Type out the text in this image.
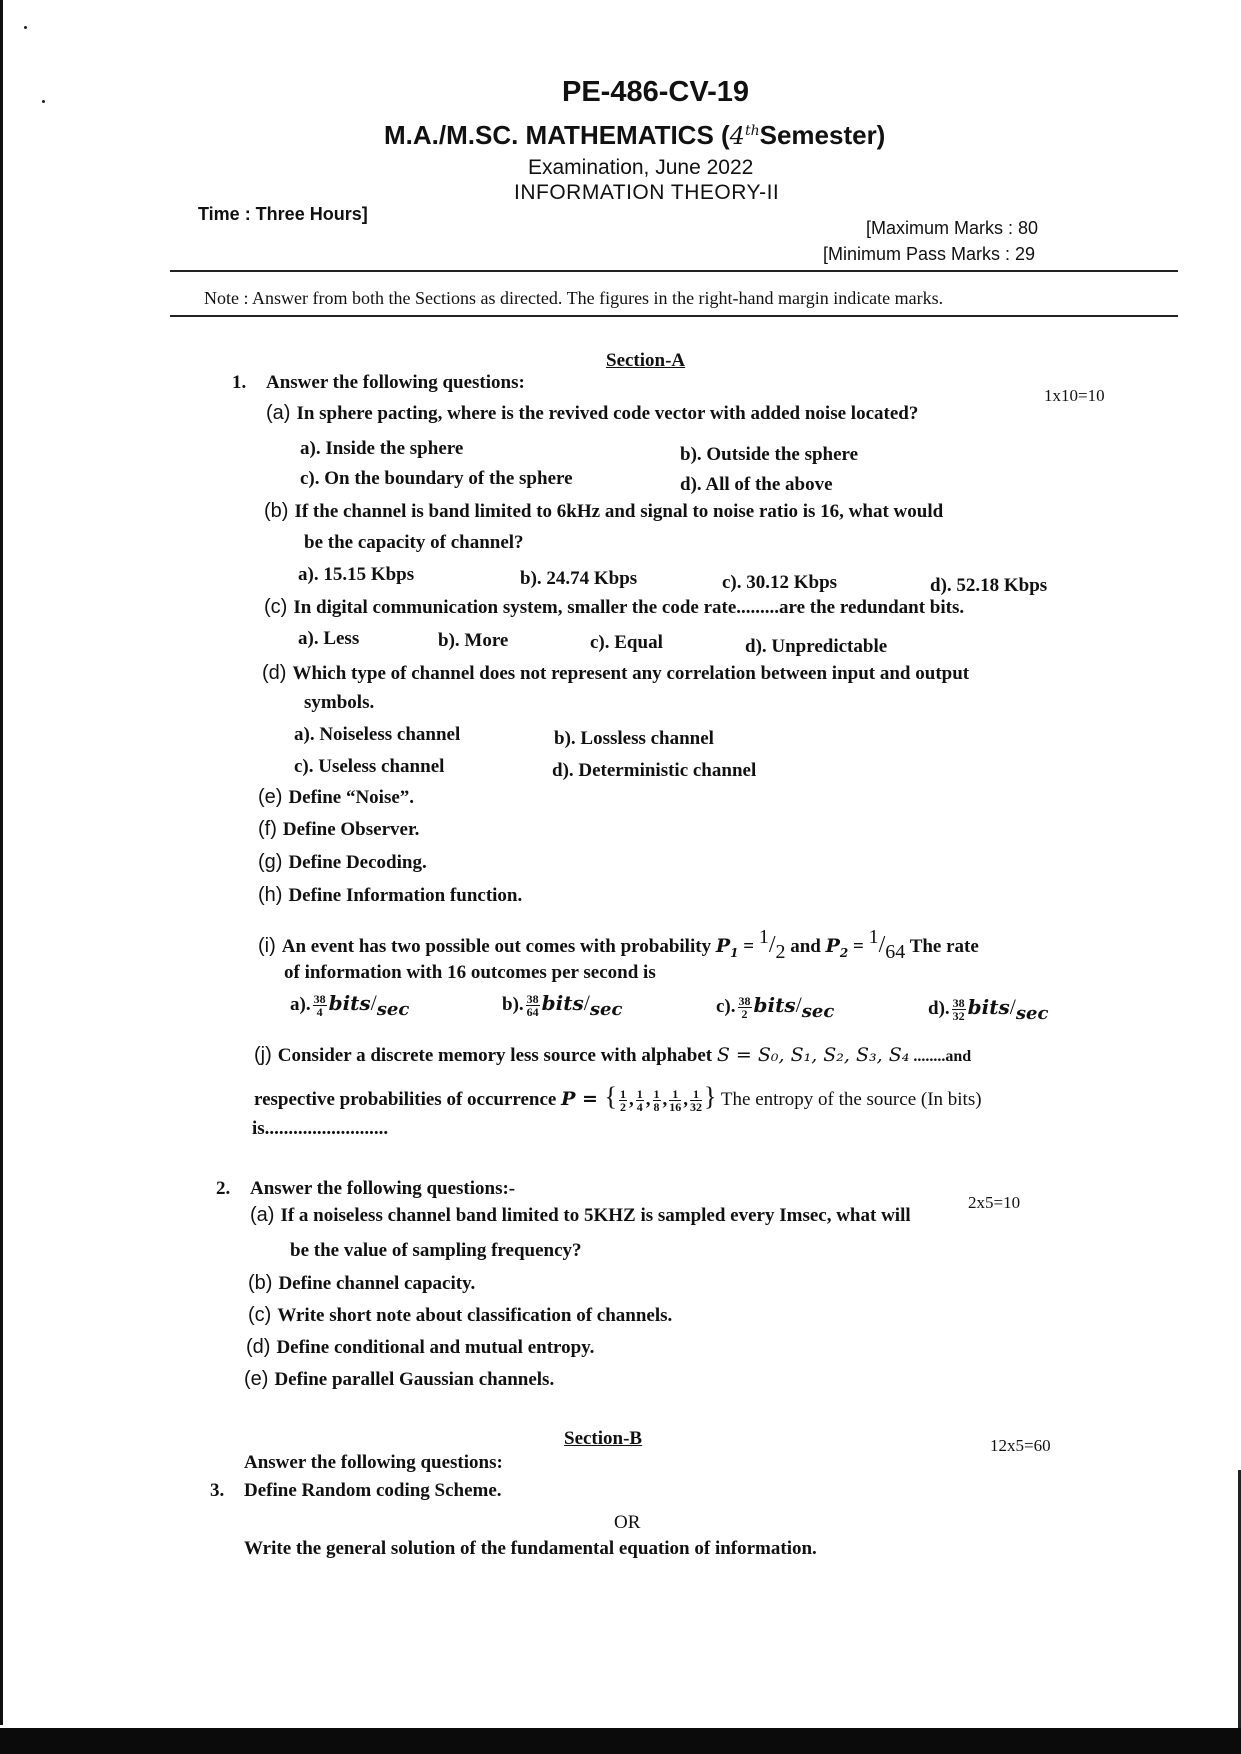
PE-486-CV-19
M.A./M.SC. MATHEMATICS (4thSemester)
Examination, June 2022
INFORMATION THEORY-II
Time : Three Hours]
[Maximum Marks : 80
[Minimum Pass Marks : 29
Note : Answer from both the Sections as directed. The figures in the right-hand margin indicate marks.
Section-A
1. Answer the following questions:
1x10=10
(a) In sphere pacting, where is the revived code vector with added noise located?
a). Inside the sphere	b). Outside the sphere
c). On the boundary of the sphere	d). All of the above
(b) If the channel is band limited to 6kHz and signal to noise ratio is 16, what would
be the capacity of channel?
a). 15.15 Kbps	b). 24.74 Kbps	c). 30.12 Kbps	d). 52.18 Kbps
(c) In digital communication system, smaller the code rate.........are the redundant bits.
a). Less	b). More	c). Equal	d). Unpredictable
(d) Which type of channel does not represent any correlation between input and output
symbols.
a). Noiseless channel	b). Lossless channel
c). Useless channel	d). Deterministic channel
(e) Define “Noise”.
(f) Define Observer.
(g) Define Decoding.
(h) Define Information function.
(i) An event has two possible out comes with probability $P_1 = ^1/_2$ and $P_2 = ^1/_{64}$ The rate
of information with 16 outcomes per second is
a). $\frac{38}{4}$ bits/$_{sec}$	b). $\frac{38}{64}$ bits/$_{sec}$	c). $\frac{38}{2}$ bits/$_{sec}$	d). $\frac{38}{32}$ bits/$_{sec}$
(j) Consider a discrete memory less source with alphabet S = S₀, S₁, S₂, S₃, S₄ ........and
respective probabilities of occurrence P = { $\frac{1}{2}$ , $\frac{1}{4}$ , $\frac{1}{8}$ , $\frac{1}{16}$ , $\frac{1}{32}$ } The entropy of the source (In bits)
is..........................
2. Answer the following questions:-
2x5=10
(a) If a noiseless channel band limited to 5KHZ is sampled every Imsec, what will
be the value of sampling frequency?
(b) Define channel capacity.
(c) Write short note about classification of channels.
(d) Define conditional and mutual entropy.
(e) Define parallel Gaussian channels.
Section-B	12x5=60
Answer the following questions:
3. Define Random coding Scheme.
OR
Write the general solution of the fundamental equation of information.
